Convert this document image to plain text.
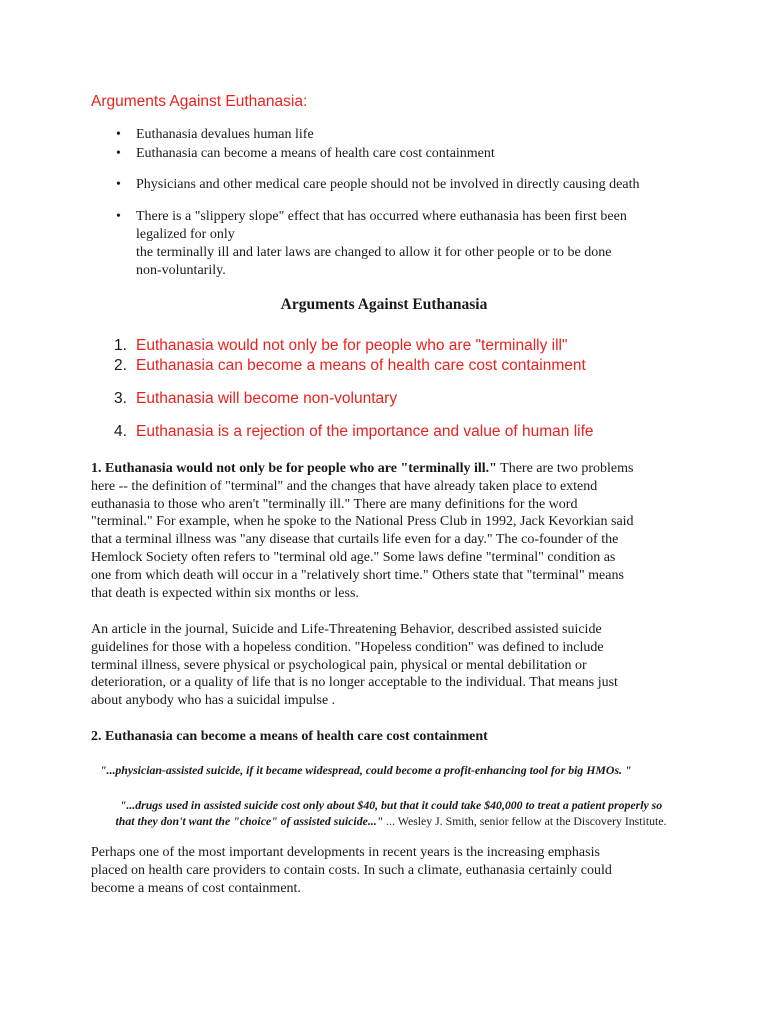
Arguments Against Euthanasia:
• Euthanasia devalues human life
• Euthanasia can become a means of health care cost containment
• Physicians and other medical care people should not be involved in directly causing death
• There is a "slippery slope" effect that has occurred where euthanasia has been first been
legalized for only
the terminally ill and later laws are changed to allow it for other people or to be done
non-voluntarily.
Arguments Against Euthanasia
1. Euthanasia would not only be for people who are "terminally ill"
2. Euthanasia can become a means of health care cost containment
3. Euthanasia will become non-voluntary
4. Euthanasia is a rejection of the importance and value of human life
1. Euthanasia would not only be for people who are "terminally ill." There are two problems
here -- the definition of "terminal" and the changes that have already taken place to extend
euthanasia to those who aren't "terminally ill." There are many definitions for the word
"terminal." For example, when he spoke to the National Press Club in 1992, Jack Kevorkian said
that a terminal illness was "any disease that curtails life even for a day." The co-founder of the
Hemlock Society often refers to "terminal old age." Some laws define "terminal" condition as
one from which death will occur in a "relatively short time." Others state that "terminal" means
that death is expected within six months or less.
An article in the journal, Suicide and Life-Threatening Behavior, described assisted suicide
guidelines for those with a hopeless condition. "Hopeless condition" was defined to include
terminal illness, severe physical or psychological pain, physical or mental debilitation or
deterioration, or a quality of life that is no longer acceptable to the individual. That means just
about anybody who has a suicidal impulse .
2. Euthanasia can become a means of health care cost containment
"...physician-assisted suicide, if it became widespread, could become a profit-enhancing tool for big HMOs. "
"...drugs used in assisted suicide cost only about $40, but that it could take $40,000 to treat a patient properly so
that they don't want the "choice" of assisted suicide..." ... Wesley J. Smith, senior fellow at the Discovery Institute.
Perhaps one of the most important developments in recent years is the increasing emphasis
placed on health care providers to contain costs. In such a climate, euthanasia certainly could
become a means of cost containment.
